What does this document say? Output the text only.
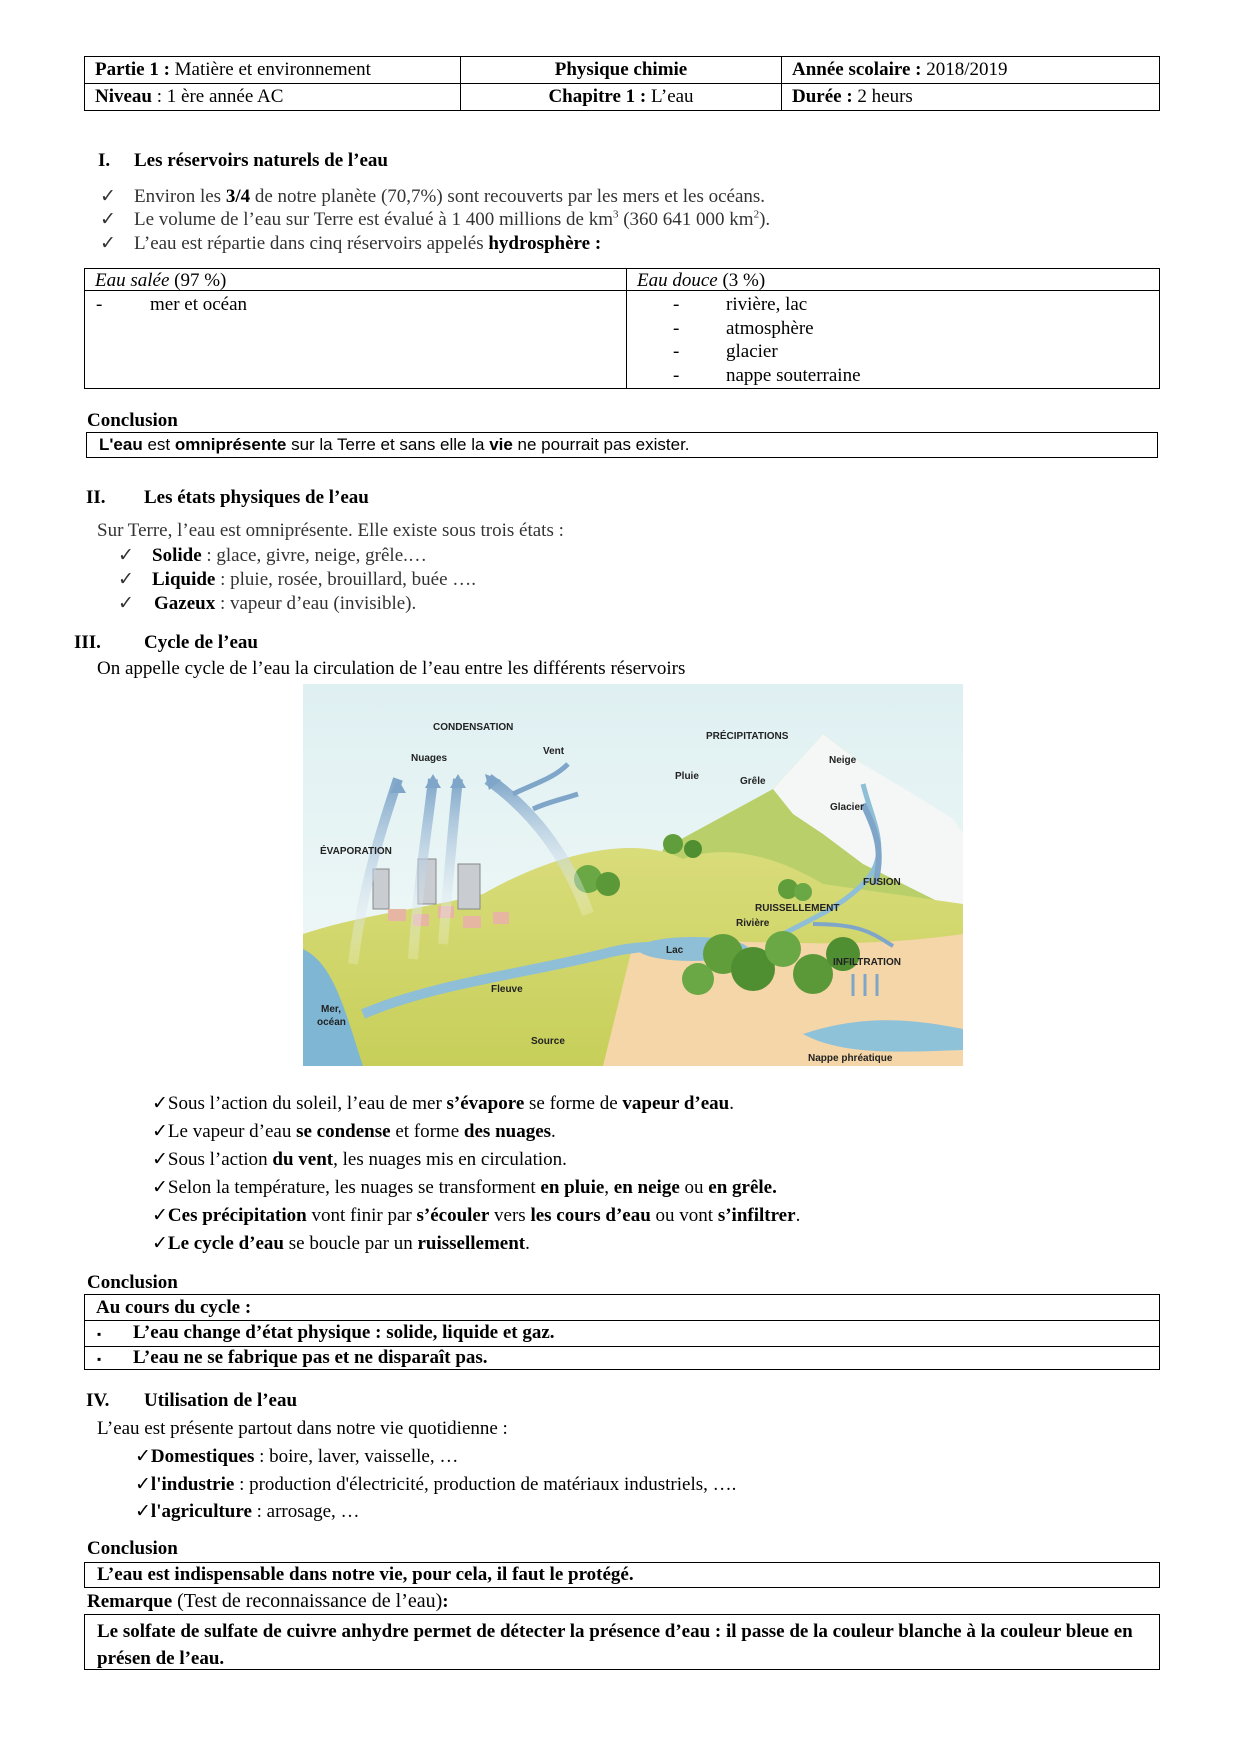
Partie 1 : Matière et environnement	Physique chimie	Année scolaire : 2018/2019
Niveau : 1 ère année AC	Chapitre 1 : L’eau	Durée : 2 heurs
I. Les réservoirs naturels de l’eau
✓ Environ les 3/4 de notre planète (70,7%) sont recouverts par les mers et les océans.
✓ Le volume de l’eau sur Terre est évalué à 1 400 millions de $km^3$ (360 641 000 $km^2$).
✓ L’eau est répartie dans cinq réservoirs appelés hydrosphère :
Eau salée (97 %)	Eau douce (3 %)
-	mer et océan	- rivière, lac
- atmosphère
- glacier
- nappe souterraine
Conclusion
L'eau est omniprésente sur la Terre et sans elle la vie ne pourrait pas exister.
II. Les états physiques de l’eau
Sur Terre, l’eau est omniprésente. Elle existe sous trois états :
✓ Solide : glace, givre, neige, grêle.…
✓ Liquide : pluie, rosée, brouillard, buée ….
✓ Gazeux : vapeur d’eau (invisible).
III. Cycle de l’eau
On appelle cycle de l’eau la circulation de l’eau entre les différents réservoirs
CONDENSATION
PRÉCIPITATIONS
Nuages
Vent
Pluie	Grêle
Neige
Glacier
ÉVAPORATION
FUSION
RUISSELLEMENT
Rivière
Lac
INFILTRATION
Fleuve
Mer,
océan
Source
Nappe phréatique
✓Sous l’action du soleil, l’eau de mer s’évapore se forme de vapeur d’eau.
✓Le vapeur d’eau se condense et forme des nuages.
✓Sous l’action du vent, les nuages mis en circulation.
✓Selon la température, les nuages se transforment en pluie, en neige ou en grêle.
✓Ces précipitation vont finir par s’écouler vers les cours d’eau ou vont s’infiltrer.
✓Le cycle d’eau se boucle par un ruissellement.
Conclusion
Au cours du cycle :
▪ L’eau change d’état physique : solide, liquide et gaz.
▪ L’eau ne se fabrique pas et ne disparaît pas.
IV. Utilisation de l’eau
L’eau est présente partout dans notre vie quotidienne :
✓Domestiques : boire, laver, vaisselle, …
✓l'industrie : production d'électricité, production de matériaux industriels, ….
✓l'agriculture : arrosage, …
Conclusion
L’eau est indispensable dans notre vie, pour cela, il faut le protégé.
Remarque (Test de reconnaissance de l’eau):
Le solfate de sulfate de cuivre anhydre permet de détecter la présence d’eau : il passe de la couleur blanche à la couleur bleue en présen de l’eau.
